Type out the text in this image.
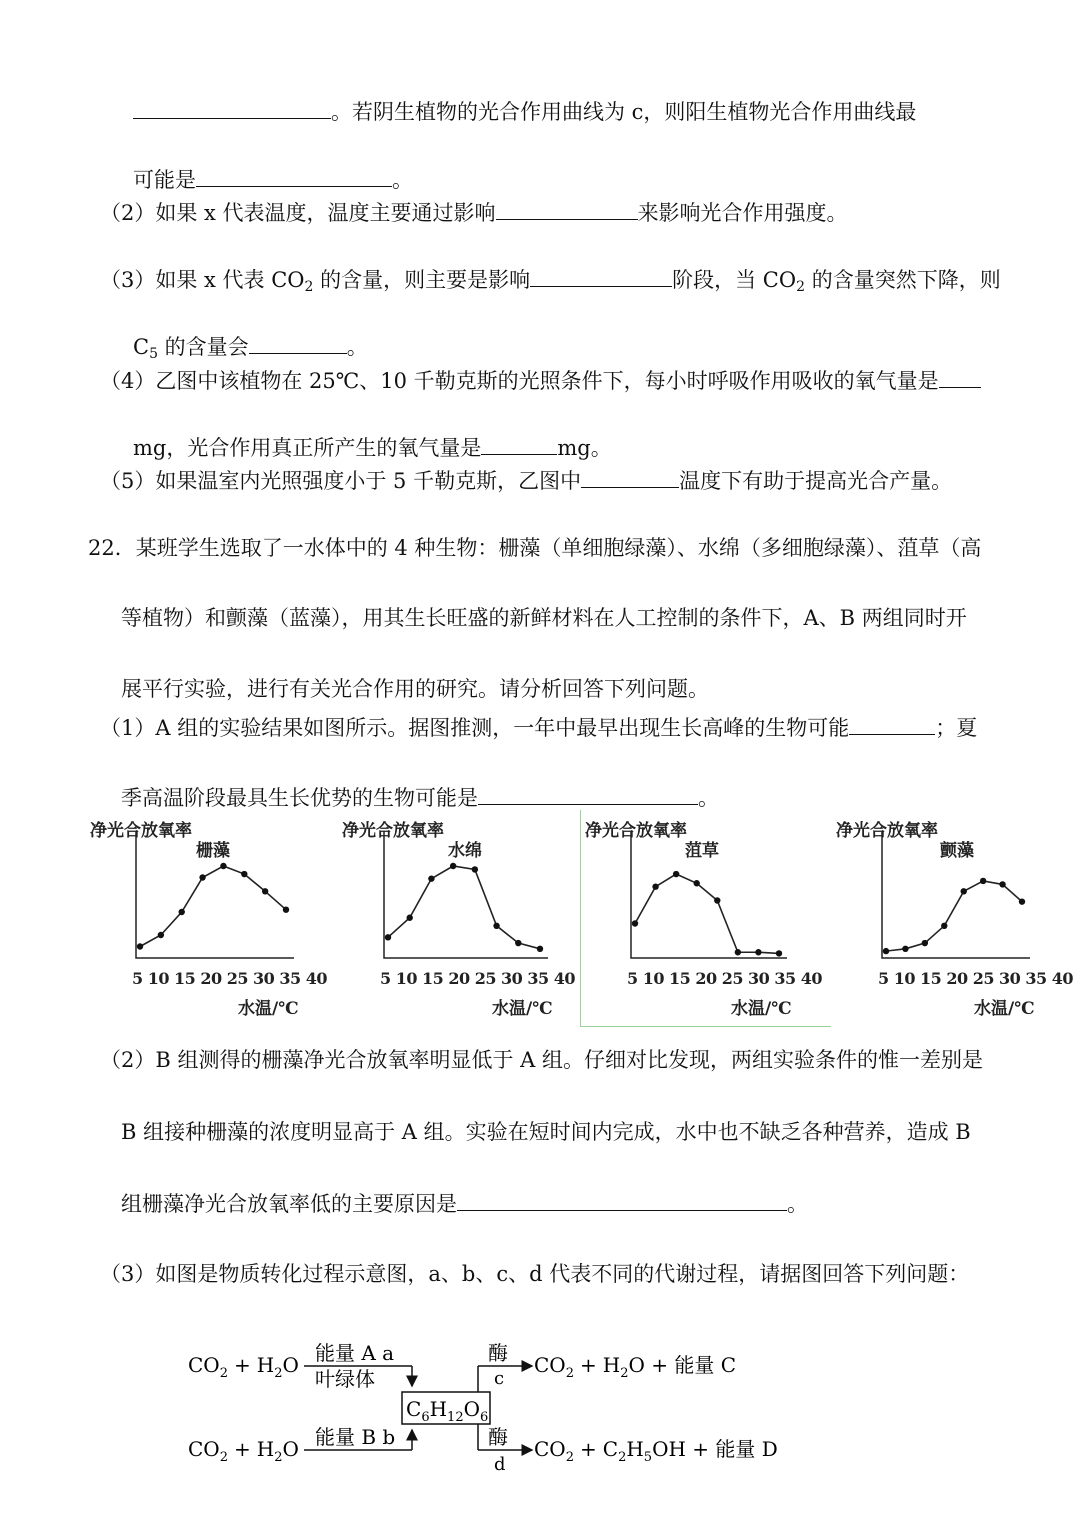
。若阴生植物的光合作用曲线为 c，则阳生植物光合作用曲线最
可能是	。
（2）如果 x 代表温度，温度主要通过影响	来影响光合作用强度。
（3）如果 x 代表 $CO_2$ 的含量，则主要是影响	阶段，当 $CO_2$ 的含量突然下降，则
$C_5$ 的含量会	。
（4）乙图中该植物在 25℃、10 千勒克斯的光照条件下，每小时呼吸作用吸收的氧气量是
mg，光合作用真正所产生的氧气量是	mg。
（5）如果温室内光照强度小于 5 千勒克斯，乙图中	温度下有助于提高光合产量。
22．某班学生选取了一水体中的 4 种生物：栅藻（单细胞绿藻）、水绵（多细胞绿藻）、菹草（高
等植物）和颤藻（蓝藻），用其生长旺盛的新鲜材料在人工控制的条件下，A、B 两组同时开
展平行实验，进行有关光合作用的研究。请分析回答下列问题。
（1）A 组的实验结果如图所示。据图推测，一年中最早出现生长高峰的生物可能	；夏
季高温阶段最具生长优势的生物可能是	。
净光合放氧率
栅藻
5 10 15 20 25 30 35 40
水温/℃
净光合放氧率
水绵
5 10 15 20 25 30 35 40
水温/℃
净光合放氧率
菹草
5 10 15 20 25 30 35 40
水温/℃
净光合放氧率
颤藻
5 10 15 20 25 30 35 40
水温/℃
（2）B 组测得的栅藻净光合放氧率明显低于 A 组。仔细对比发现，两组实验条件的惟一差别是
B 组接种栅藻的浓度明显高于 A 组。实验在短时间内完成，水中也不缺乏各种营养，造成 B
组栅藻净光合放氧率低的主要原因是	。
（3）如图是物质转化过程示意图，a、b、c、d 代表不同的代谢过程，请据图回答下列问题：
$CO_2 + H_2O$
$CO_2 + H_2O$
能量 A a
叶绿体
能量 B b
$C_6H_{12}O_6$
酶
c
$CO_2 + H_2O$ + 能量 C
酶
d
$CO_2 + C_2H_5OH$ + 能量 D
